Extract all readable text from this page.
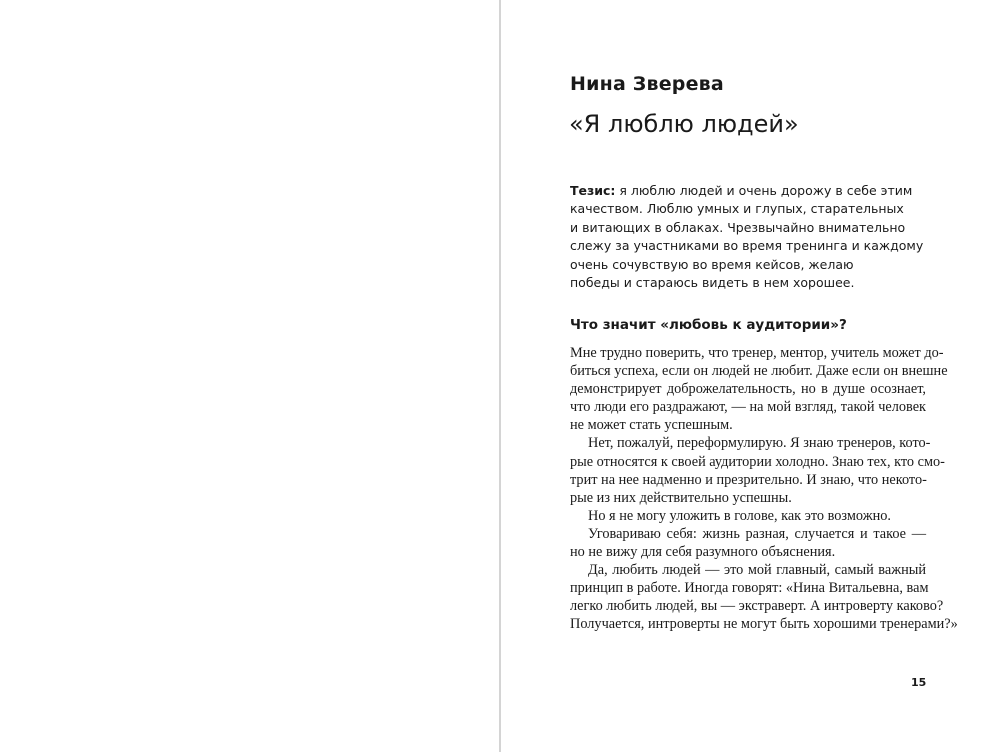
Нина Зверева
«Я люблю людей»

Тезис: я люблю людей и очень дорожу в себе этим
качеством. Люблю умных и глупых, старательных
и витающих в облаках. Чрезвычайно внимательно
слежу за участниками во время тренинга и каждому
очень сочувствую во время кейсов, желаю
победы и стараюсь видеть в нем хорошее.

Что значит «любовь к аудитории»?
Мне трудно поверить, что тренер, ментор, учитель может до-
биться успеха, если он людей не любит. Даже если он внешне
демонстрирует доброжелательность, но в душе осознает,
что люди его раздражают, — на мой взгляд, такой человек
не может стать успешным.
Нет, пожалуй, переформулирую. Я знаю тренеров, кото-
рые относятся к своей аудитории холодно. Знаю тех, кто смо-
трит на нее надменно и презрительно. И знаю, что некото-
рые из них действительно успешны.
Но я не могу уложить в голове, как это возможно.
Уговариваю себя: жизнь разная, случается и такое —
но не вижу для себя разумного объяснения.
Да, любить людей — это мой главный, самый важный
принцип в работе. Иногда говорят: «Нина Витальевна, вам
легко любить людей, вы — экстраверт. А интроверту каково?
Получается, интроверты не могут быть хорошими тренерами?»
15
